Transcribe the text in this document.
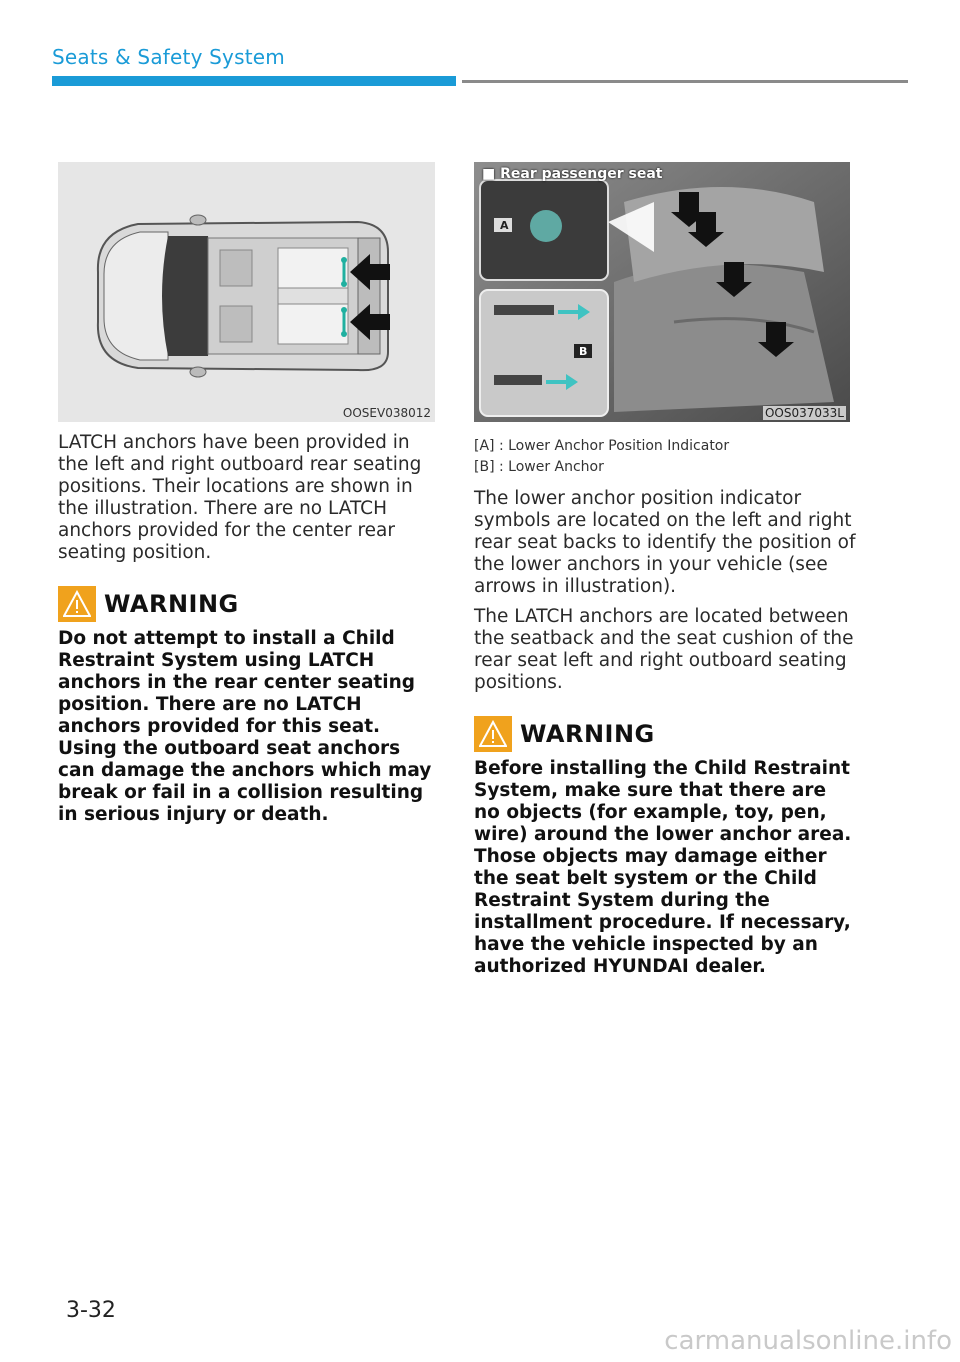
Seats & Safety System
OOSEV038012
■ Rear passenger seat
A
B
OOS037033L

LATCH anchors have been provided in the left and right outboard rear seating positions. Their locations are shown in the illustration. There are no LATCH anchors provided for the center rear seating position.

WARNING

Do not attempt to install a Child Restraint System using LATCH anchors in the rear center seating position. There are no LATCH anchors provided for this seat. Using the outboard seat anchors can damage the anchors which may break or fail in a collision resulting in serious injury or death.

[A] : Lower Anchor Position Indicator

[B] : Lower Anchor

The lower anchor position indicator symbols are located on the left and right rear seat backs to identify the position of the lower anchors in your vehicle (see arrows in illustration).

The LATCH anchors are located between the seatback and the seat cushion of the rear seat left and right outboard seating positions.

WARNING

Before installing the Child Restraint System, make sure that there are no objects (for example, toy, pen, wire) around the lower anchor area. Those objects may damage either the seat belt system or the Child Restraint System during the installment procedure. If necessary, have the vehicle inspected by an authorized HYUNDAI dealer.

3-32
carmanualsonline.info
